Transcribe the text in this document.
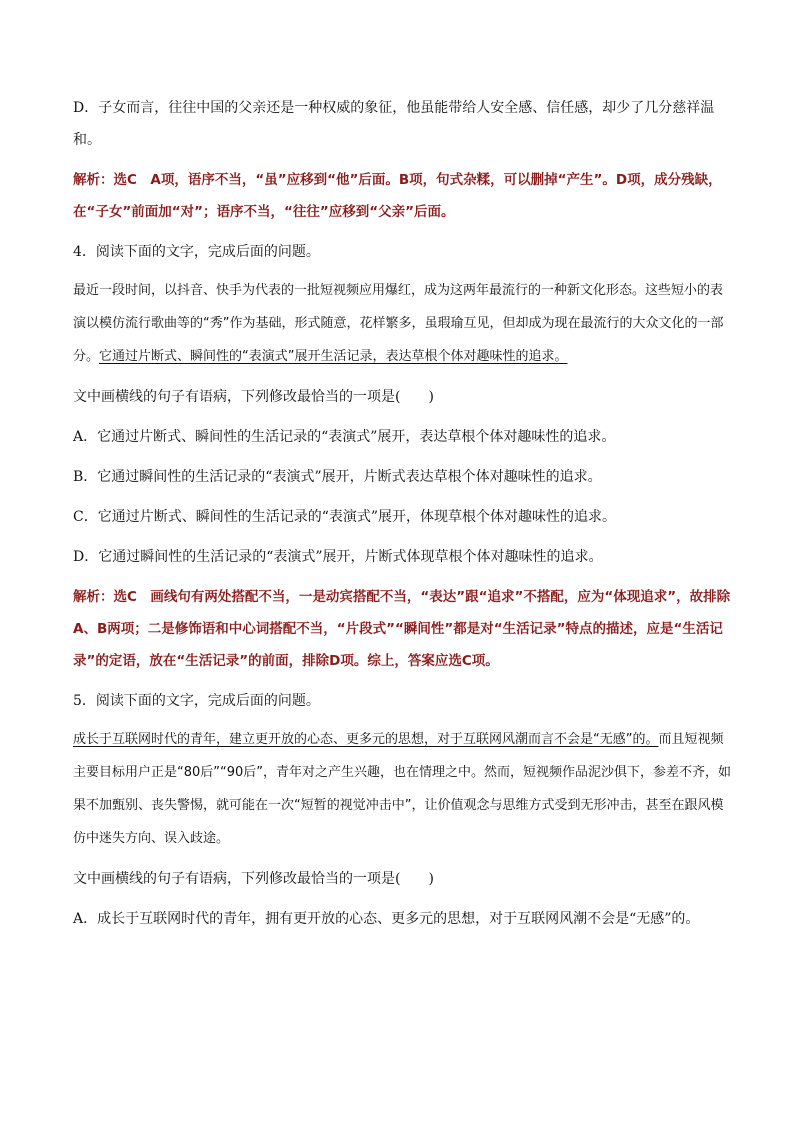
D．子女而言，往往中国的父亲还是一种权威的象征，他虽能带给人安全感、信任感，却少了几分慈祥温和。

解析：选C　A项，语序不当，“虽”应移到“他”后面。B项，句式杂糅，可以删掉“产生”。D项，成分残缺，在“子女”前面加“对”；语序不当，“往往”应移到“父亲”后面。

4．阅读下面的文字，完成后面的问题。

最近一段时间，以抖音、快手为代表的一批短视频应用爆红，成为这两年最流行的一种新文化形态。这些短小的表演以模仿流行歌曲等的“秀”作为基础，形式随意，花样繁多，虽瑕瑜互见，但却成为现在最流行的大众文化的一部分。它通过片断式、瞬间性的“表演式”展开生活记录，表达草根个体对趣味性的追求。

文中画横线的句子有语病，下列修改最恰当的一项是(　　)

A．它通过片断式、瞬间性的生活记录的“表演式”展开，表达草根个体对趣味性的追求。

B．它通过瞬间性的生活记录的“表演式”展开，片断式表达草根个体对趣味性的追求。

C．它通过片断式、瞬间性的生活记录的“表演式”展开，体现草根个体对趣味性的追求。

D．它通过瞬间性的生活记录的“表演式”展开，片断式体现草根个体对趣味性的追求。

解析：选C　画线句有两处搭配不当，一是动宾搭配不当，“表达”跟“追求”不搭配，应为“体现追求”，故排除A、B两项；二是修饰语和中心词搭配不当，“片段式”“瞬间性”都是对“生活记录”特点的描述，应是“生活记录”的定语，放在“生活记录”的前面，排除D项。综上，答案应选C项。

5．阅读下面的文字，完成后面的问题。

成长于互联网时代的青年，建立更开放的心态、更多元的思想，对于互联网风潮而言不会是“无感”的。而且短视频主要目标用户正是“80后”“90后”，青年对之产生兴趣，也在情理之中。然而，短视频作品泥沙俱下，参差不齐，如果不加甄别、丧失警惕，就可能在一次“短暂的视觉冲击中”，让价值观念与思维方式受到无形冲击，甚至在跟风模仿中迷失方向、误入歧途。

文中画横线的句子有语病，下列修改最恰当的一项是(　　)

A．成长于互联网时代的青年，拥有更开放的心态、更多元的思想，对于互联网风潮不会是“无感”的。
